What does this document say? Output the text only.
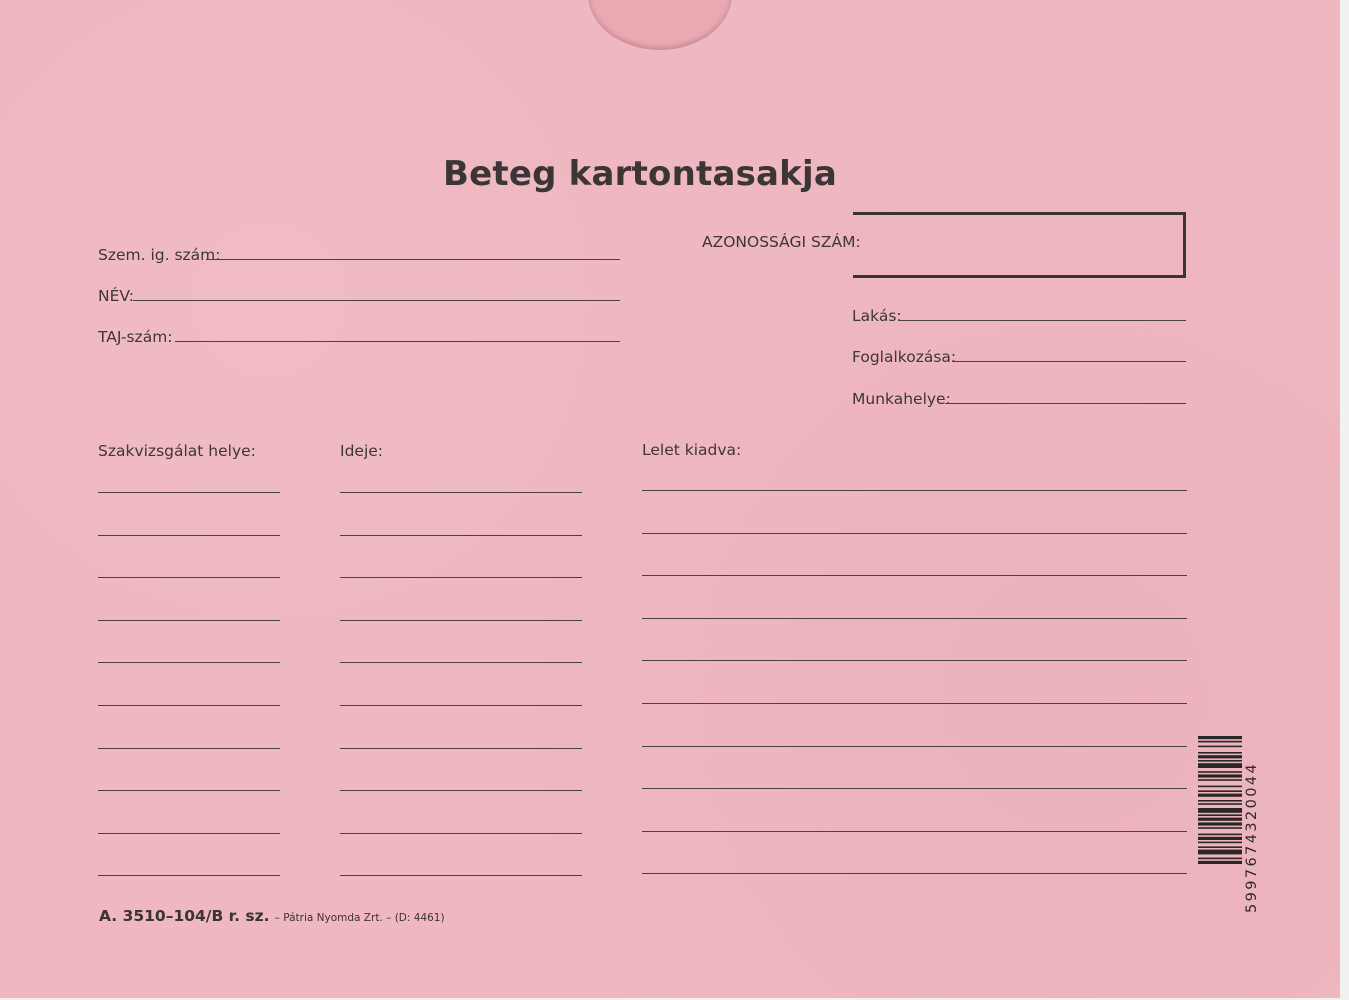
Beteg kartontasakja
Szem. ig. szám:
NÉV:
TAJ-szám:
AZONOSSÁGI SZÁM:
Lakás:
Foglalkozása:
Munkahelye:
Szakvizsgálat helye:	Ideje:	Lelet kiadva:
A. 3510–104/B r. sz. – Pátria Nyomda Zrt. – (D: 4461)
5997674320044
